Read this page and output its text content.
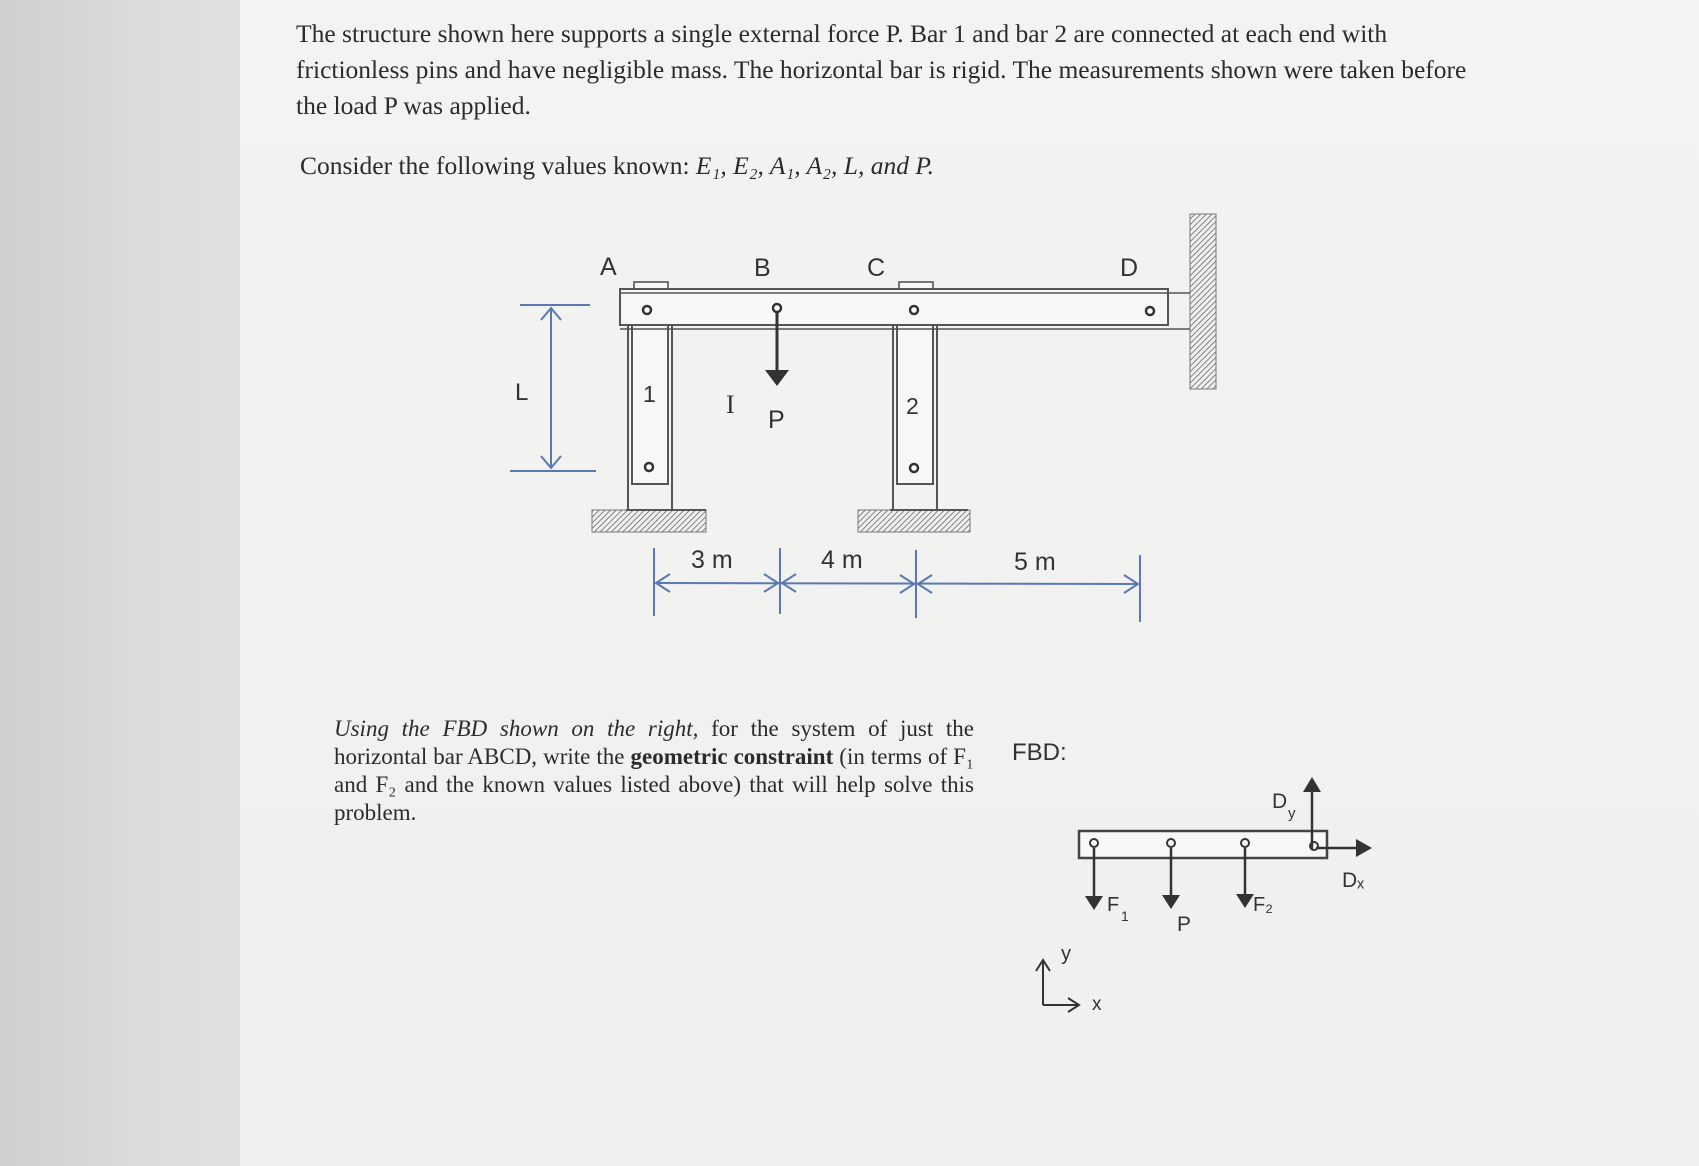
The structure shown here supports a single external force P. Bar 1 and bar 2 are connected at each end with frictionless pins and have negligible mass. The horizontal bar is rigid. The measurements shown were taken before the load P was applied.

Consider the following values known: E₁, E₂, A₁, A₂, L, and P.

Using the FBD shown on the right, for the system of just the horizontal bar ABCD, write the geometric constraint (in terms of F₁ and F₂ and the known values listed above) that will help solve this problem.

I
A	B	C	D
L	1	2
P
3 m	4 m	5 m
FBD:
F 1 P
F₂
Dy
Dₓ
y
x
